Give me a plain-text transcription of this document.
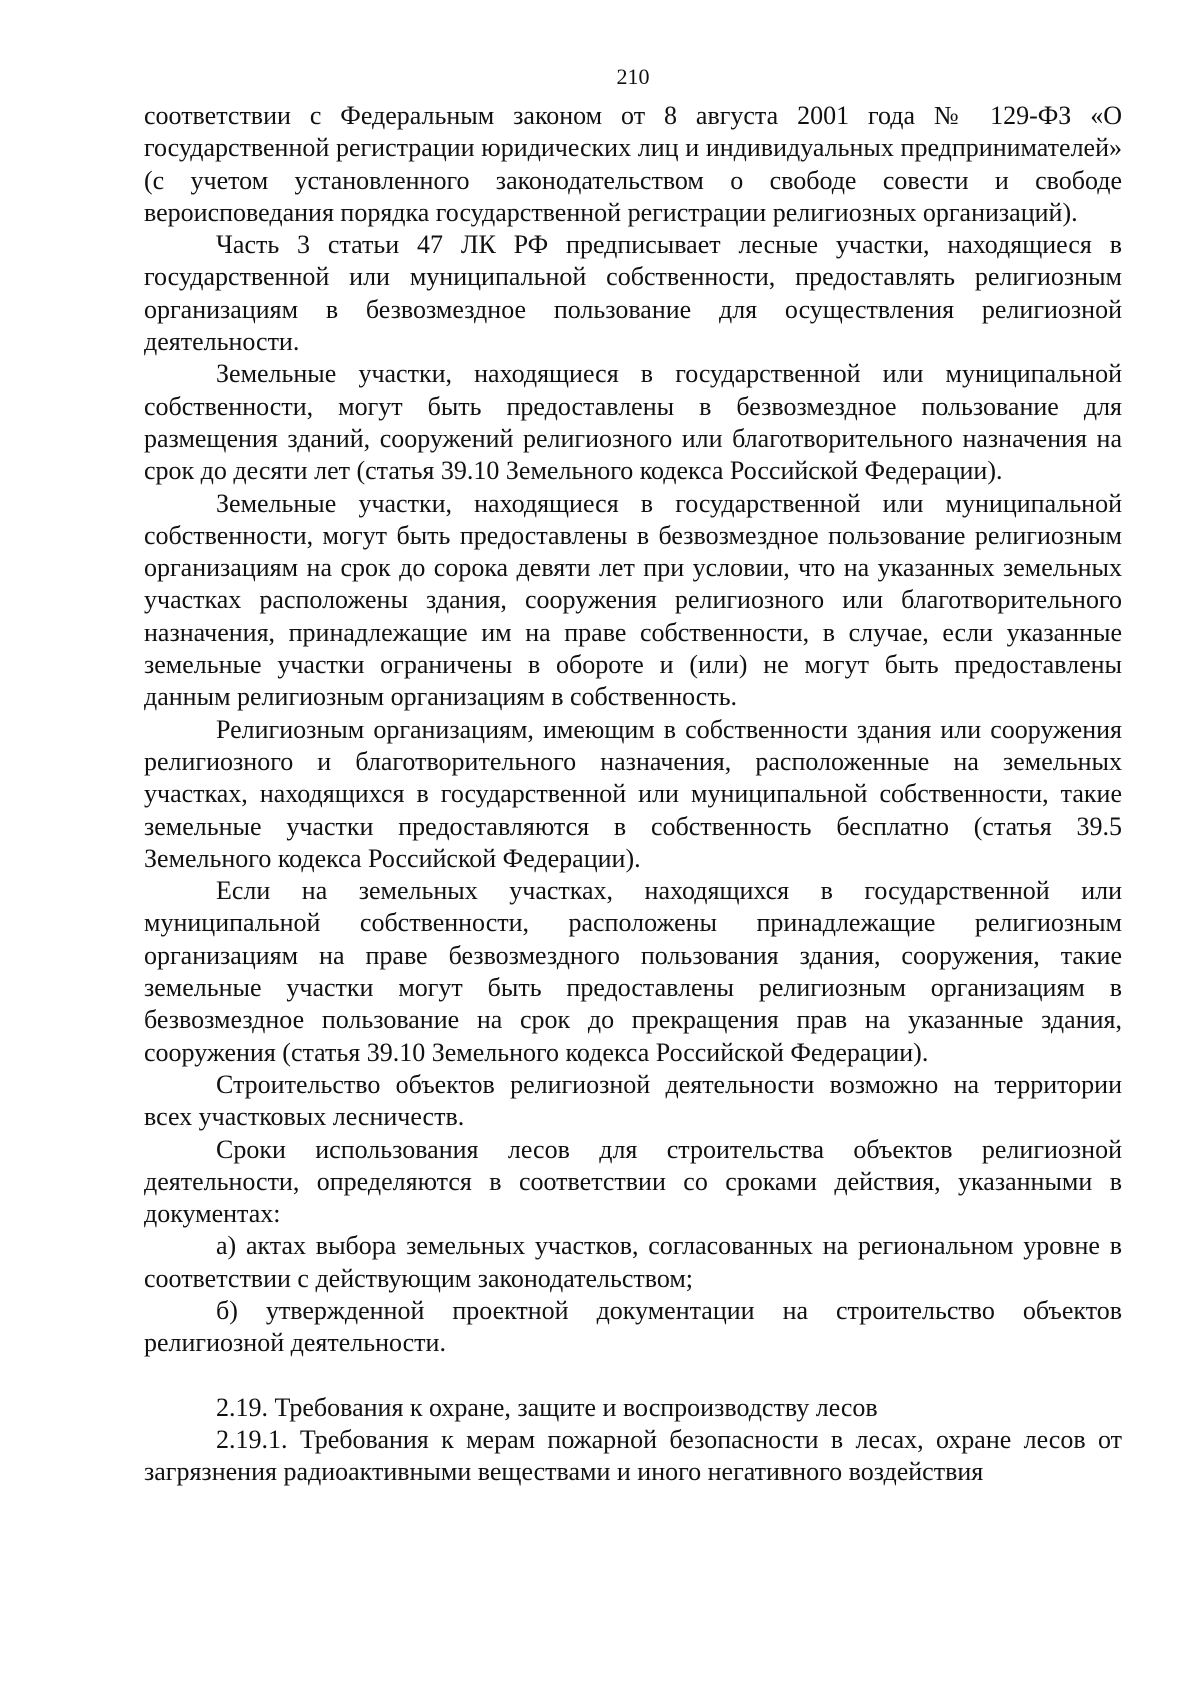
210

соответствии с Федеральным законом от 8 августа 2001 года № 129-ФЗ «О государственной регистрации юридических лиц и индивидуальных предпринимателей» (с учетом установленного законодательством о свободе совести и свободе вероисповедания порядка государственной регистрации религиозных организаций).

Часть 3 статьи 47 ЛК РФ предписывает лесные участки, находящиеся в государственной или муниципальной собственности, предоставлять религиозным организациям в безвозмездное пользование для осуществления религиозной деятельности.

Земельные участки, находящиеся в государственной или муниципальной собственности, могут быть предоставлены в безвозмездное пользование для размещения зданий, сооружений религиозного или благотворительного назначения на срок до десяти лет (статья 39.10 Земельного кодекса Российской Федерации).

Земельные участки, находящиеся в государственной или муниципальной собственности, могут быть предоставлены в безвозмездное пользование религиозным организациям на срок до сорока девяти лет при условии, что на указанных земельных участках расположены здания, сооружения религиозного или благотворительного назначения, принадлежащие им на праве собственности, в случае, если указанные земельные участки ограничены в обороте и (или) не могут быть предоставлены данным религиозным организациям в собственность.

Религиозным организациям, имеющим в собственности здания или сооружения религиозного и благотворительного назначения, расположенные на земельных участках, находящихся в государственной или муниципальной собственности, такие земельные участки предоставляются в собственность бесплатно (статья 39.5 Земельного кодекса Российской Федерации).

Если на земельных участках, находящихся в государственной или муниципальной собственности, расположены принадлежащие религиозным организациям на праве безвозмездного пользования здания, сооружения, такие земельные участки могут быть предоставлены религиозным организациям в безвозмездное пользование на срок до прекращения прав на указанные здания, сооружения (статья 39.10 Земельного кодекса Российской Федерации).

Строительство объектов религиозной деятельности возможно на территории всех участковых лесничеств.

Сроки использования лесов для строительства объектов религиозной деятельности, определяются в соответствии со сроками действия, указанными в документах:

а) актах выбора земельных участков, согласованных на региональном уровне в соответствии с действующим законодательством;

б) утвержденной проектной документации на строительство объектов религиозной деятельности.

2.19. Требования к охране, защите и воспроизводству лесов

2.19.1. Требования к мерам пожарной безопасности в лесах, охране лесов от загрязнения радиоактивными веществами и иного негативного воздействия
